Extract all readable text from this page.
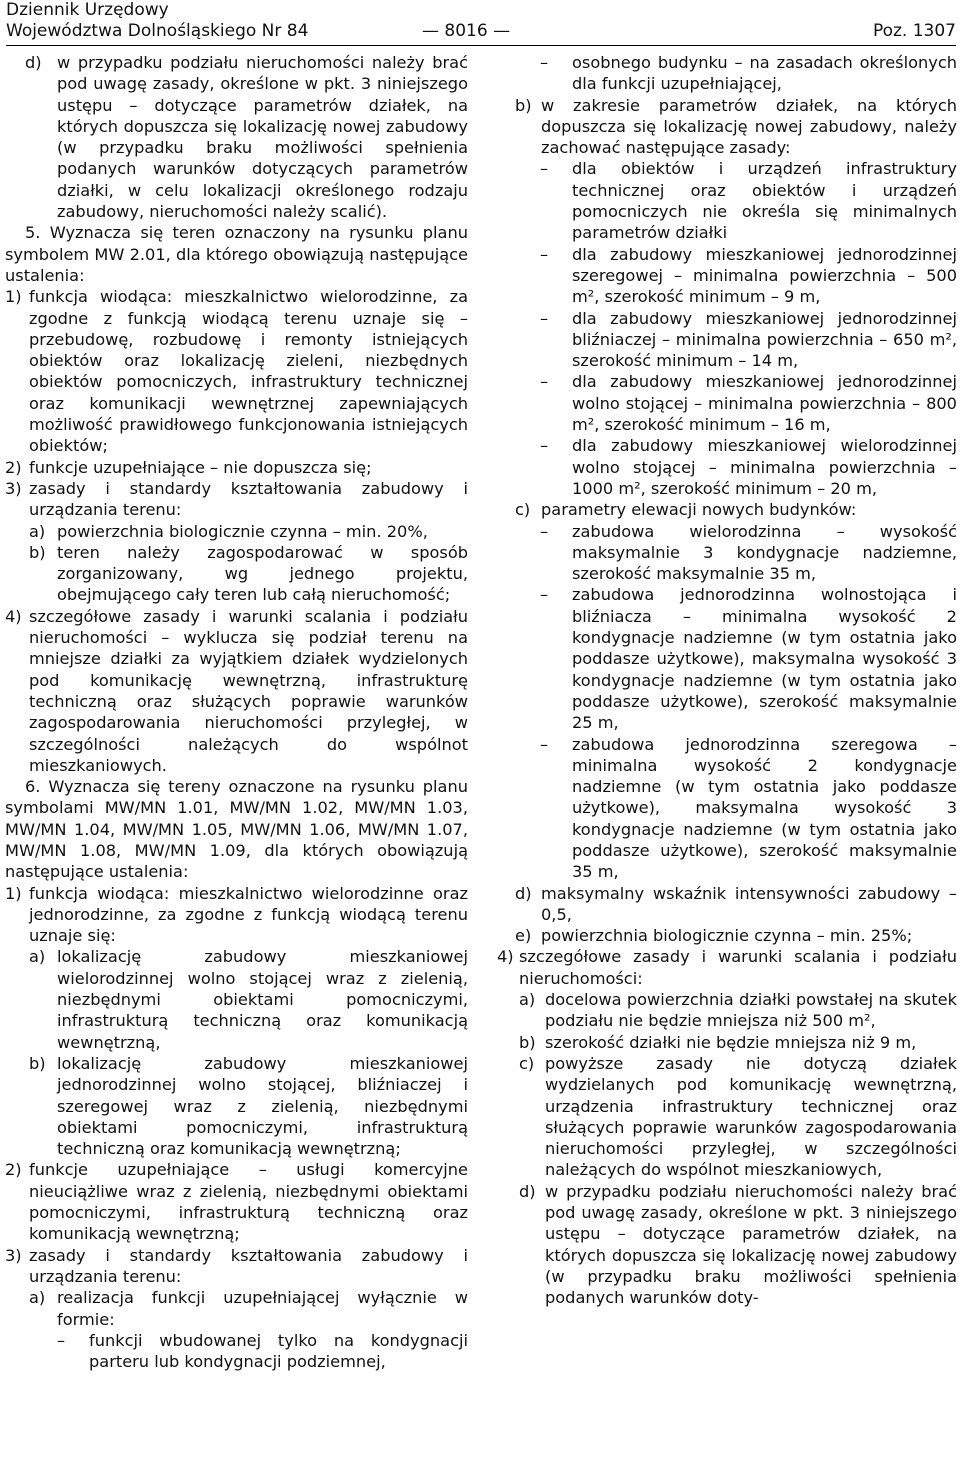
Dziennik Urzędowy
Województwa Dolnośląskiego Nr 84	— 8016 —	Poz. 1307
d) w przypadku podziału nieruchomości należy brać pod uwagę zasady, określone w pkt. 3 niniejszego ustępu – dotyczące parametrów działek, na których dopuszcza się lokalizację nowej zabudowy (w przypadku braku możliwości spełnienia podanych warunków dotyczących parametrów działki, w celu lokalizacji określonego rodzaju zabudowy, nieruchomości należy scalić).
5. Wyznacza się teren oznaczony na rysunku planu symbolem MW 2.01, dla którego obowiązują następujące ustalenia:
1) funkcja wiodąca: mieszkalnictwo wielorodzinne, za zgodne z funkcją wiodącą terenu uznaje się – przebudowę, rozbudowę i remonty istniejących obiektów oraz lokalizację zieleni, niezbędnych obiektów pomocniczych, infrastruktury technicznej oraz komunikacji wewnętrznej zapewniających możliwość prawidłowego funkcjonowania istniejących obiektów;
2) funkcje uzupełniające – nie dopuszcza się;
3) zasady i standardy kształtowania zabudowy i urządzania terenu:
a) powierzchnia biologicznie czynna – min. 20%,
b) teren należy zagospodarować w sposób zorganizowany, wg jednego projektu, obejmującego cały teren lub całą nieruchomość;
4) szczegółowe zasady i warunki scalania i podziału nieruchomości – wyklucza się podział terenu na mniejsze działki za wyjątkiem działek wydzielonych pod komunikację wewnętrzną, infrastrukturę techniczną oraz służących poprawie warunków zagospodarowania nieruchomości przyległej, w szczególności należących do wspólnot mieszkaniowych.
6. Wyznacza się tereny oznaczone na rysunku planu symbolami MW/MN 1.01, MW/MN 1.02, MW/MN 1.03, MW/MN 1.04, MW/MN 1.05, MW/MN 1.06, MW/MN 1.07, MW/MN 1.08, MW/MN 1.09, dla których obowiązują następujące ustalenia:
1) funkcja wiodąca: mieszkalnictwo wielorodzinne oraz jednorodzinne, za zgodne z funkcją wiodącą terenu uznaje się:
a) lokalizację zabudowy mieszkaniowej wielorodzinnej wolno stojącej wraz z zielenią, niezbędnymi obiektami pomocniczymi, infrastrukturą techniczną oraz komunikacją wewnętrzną,
b) lokalizację zabudowy mieszkaniowej jednorodzinnej wolno stojącej, bliźniaczej i szeregowej wraz z zielenią, niezbędnymi obiektami pomocniczymi, infrastrukturą techniczną oraz komunikacją wewnętrzną;
2) funkcje uzupełniające – usługi komercyjne nieuciążliwe wraz z zielenią, niezbędnymi obiektami pomocniczymi, infrastrukturą techniczną oraz komunikacją wewnętrzną;
3) zasady i standardy kształtowania zabudowy i urządzania terenu:
a) realizacja funkcji uzupełniającej wyłącznie w formie:
–	funkcji wbudowanej tylko na kondygnacji parteru lub kondygnacji podziemnej,
–	osobnego budynku – na zasadach określonych dla funkcji uzupełniającej,
b) w zakresie parametrów działek, na których dopuszcza się lokalizację nowej zabudowy, należy zachować następujące zasady:
–	dla obiektów i urządzeń infrastruktury technicznej oraz obiektów i urządzeń pomocniczych nie określa się minimalnych parametrów działki
–	dla zabudowy mieszkaniowej jednorodzinnej szeregowej – minimalna powierzchnia – 500 m², szerokość minimum – 9 m,
–	dla zabudowy mieszkaniowej jednorodzinnej bliźniaczej – minimalna powierzchnia – 650 m², szerokość minimum – 14 m,
–	dla zabudowy mieszkaniowej jednorodzinnej wolno stojącej – minimalna powierzchnia – 800 m², szerokość minimum – 16 m,
–	dla zabudowy mieszkaniowej wielorodzinnej wolno stojącej – minimalna powierzchnia – 1000 m², szerokość minimum – 20 m,
c) parametry elewacji nowych budynków:
–	zabudowa wielorodzinna – wysokość maksymalnie 3 kondygnacje nadziemne, szerokość maksymalnie 35 m,
–	zabudowa jednorodzinna wolnostojąca i bliźniacza – minimalna wysokość 2 kondygnacje nadziemne (w tym ostatnia jako poddasze użytkowe), maksymalna wysokość 3 kondygnacje nadziemne (w tym ostatnia jako poddasze użytkowe), szerokość maksymalnie 25 m,
–	zabudowa jednorodzinna szeregowa – minimalna wysokość 2 kondygnacje nadziemne (w tym ostatnia jako poddasze użytkowe), maksymalna wysokość 3 kondygnacje nadziemne (w tym ostatnia jako poddasze użytkowe), szerokość maksymalnie 35 m,
d) maksymalny wskaźnik intensywności zabudowy – 0,5,
e) powierzchnia biologicznie czynna – min. 25%;
4) szczegółowe zasady i warunki scalania i podziału nieruchomości:
a) docelowa powierzchnia działki powstałej na skutek podziału nie będzie mniejsza niż 500 m²,
b) szerokość działki nie będzie mniejsza niż 9 m,
c) powyższe zasady nie dotyczą działek wydzielanych pod komunikację wewnętrzną, urządzenia infrastruktury technicznej oraz służących poprawie warunków zagospodarowania nieruchomości przyległej, w szczególności należących do wspólnot mieszkaniowych,
d) w przypadku podziału nieruchomości należy brać pod uwagę zasady, określone w pkt. 3 niniejszego ustępu – dotyczące parametrów działek, na których dopuszcza się lokalizację nowej zabudowy (w przypadku braku możliwości spełnienia podanych warunków doty-
